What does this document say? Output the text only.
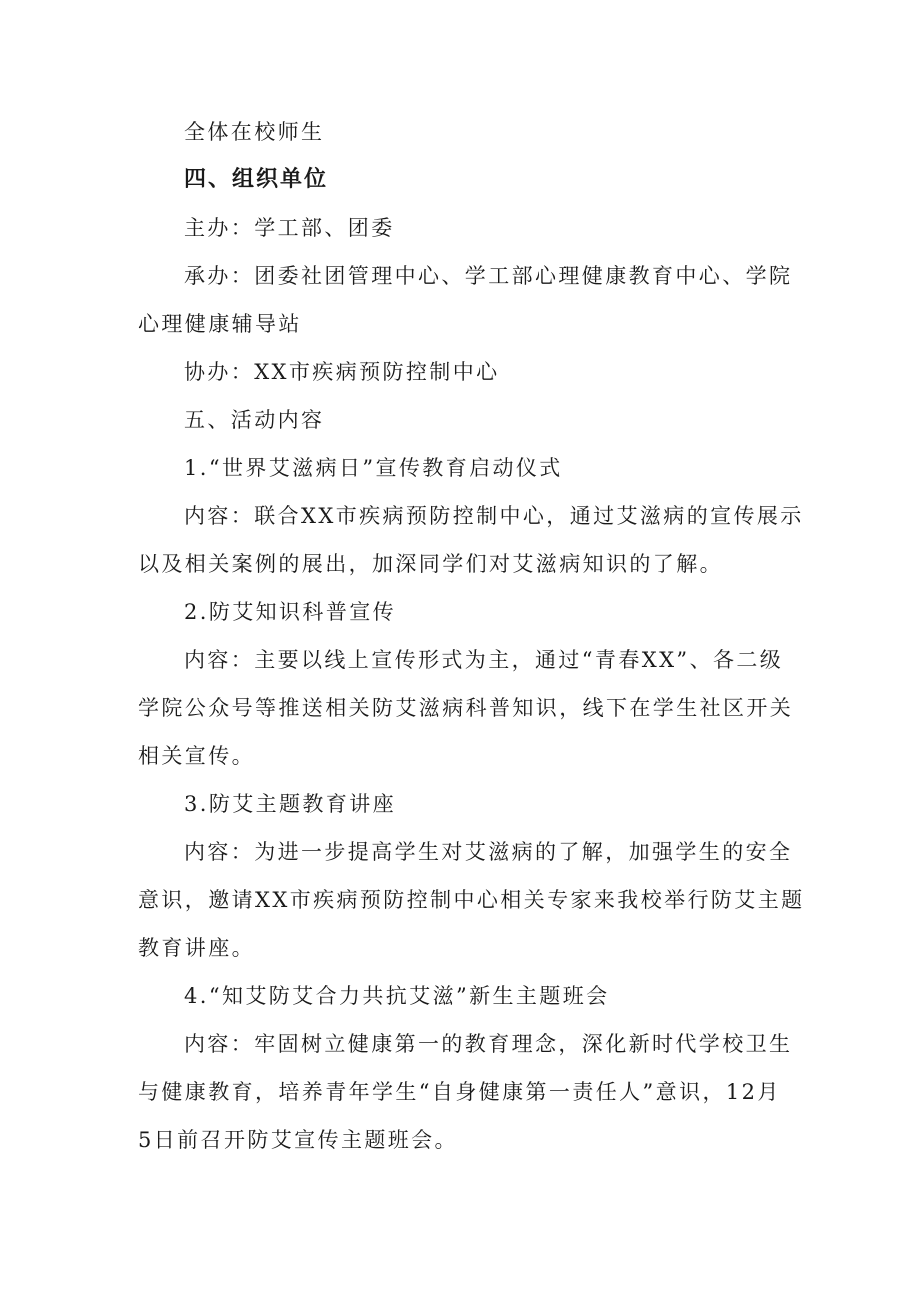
全体在校师生

四、组织单位

主办：学工部、团委

承办：团委社团管理中心、学工部心理健康教育中心、学院

心理健康辅导站

协办：XX市疾病预防控制中心

五、活动内容

1.“世界艾滋病日”宣传教育启动仪式

内容：联合XX市疾病预防控制中心，通过艾滋病的宣传展示

以及相关案例的展出，加深同学们对艾滋病知识的了解。

2.防艾知识科普宣传

内容：主要以线上宣传形式为主，通过“青春XX”、各二级

学院公众号等推送相关防艾滋病科普知识，线下在学生社区开关

相关宣传。

3.防艾主题教育讲座

内容：为进一步提高学生对艾滋病的了解，加强学生的安全

意识，邀请XX市疾病预防控制中心相关专家来我校举行防艾主题

教育讲座。

4.“知艾防艾合力共抗艾滋”新生主题班会

内容：牢固树立健康第一的教育理念，深化新时代学校卫生

与健康教育，培养青年学生“自身健康第一责任人”意识，12月

5日前召开防艾宣传主题班会。
